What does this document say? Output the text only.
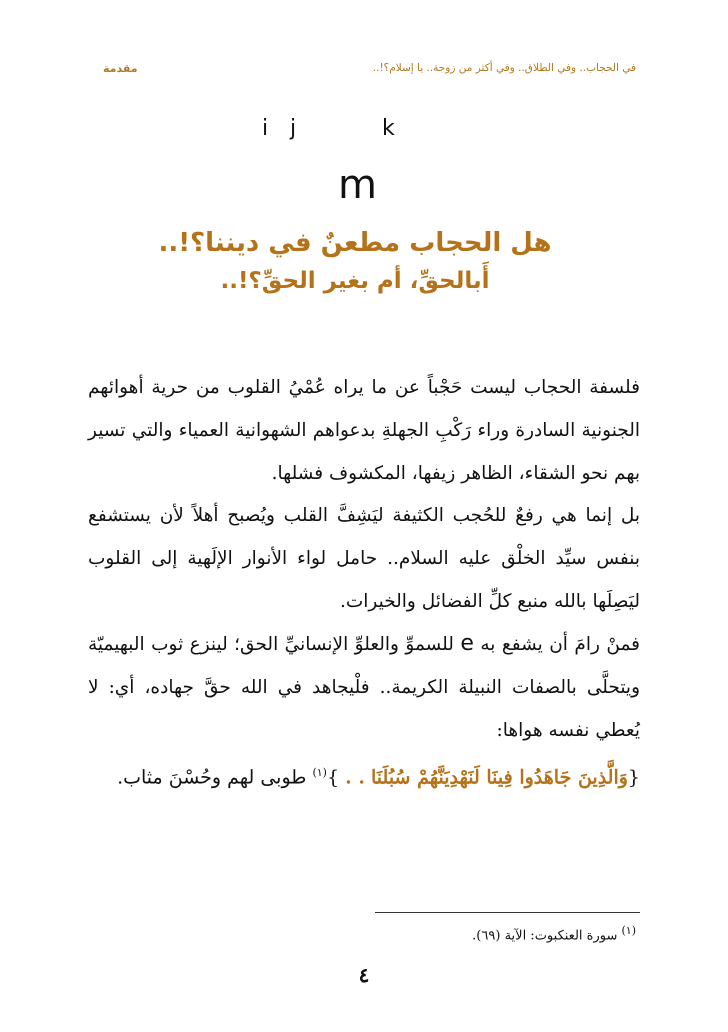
مقدمة	في الحجاب.. وفي الطلاق.. وفي أكثر من زوجة.. يا إسلام؟!..
i j	k
m
هل الحجاب مطعنٌ في ديننا؟!..
أَبالحقِّ، أم بغير الحقِّ؟!..

فلسفة الحجاب ليست حَجْباً عن ما يراه عُمْيُ القلوب من حرية أهوائهم الجنونية السادرة وراء رَكْبِ الجهلةِ بدعواهم الشهوانية العمياء والتي تسير بهم نحو الشقاء، الظاهر زيفها، المكشوف فشلها.

بل إنما هي رفعٌ للحُجب الكثيفة ليَشِفَّ القلب ويُصبح أهلاً لأن يستشفع بنفس سيِّد الخلْق عليه السلام.. حامل لواء الأنوار الإلَهية إلى القلوب ليَصِلَها بالله منبع كلِّ الفضائل والخيرات.

فمنْ رامَ أن يشفع به e للسموِّ والعلوِّ الإنسانيِّ الحق؛ لينزع ثوب البهيميّة ويتحلَّى بالصفات النبيلة الكريمة.. فلْيجاهد في الله حقَّ جهاده، أي: لا يُعطي نفسه هواها:

{وَالَّذِينَ جَاهَدُوا فِينَا لَنَهْدِيَنَّهُمْ سُبُلَنَا . . }$^{(١)}$ طوبى لهم وحُسْنَ مثاب.
$^{(١)}$ سورة العنكبوت: الآية (٦٩).
٤
